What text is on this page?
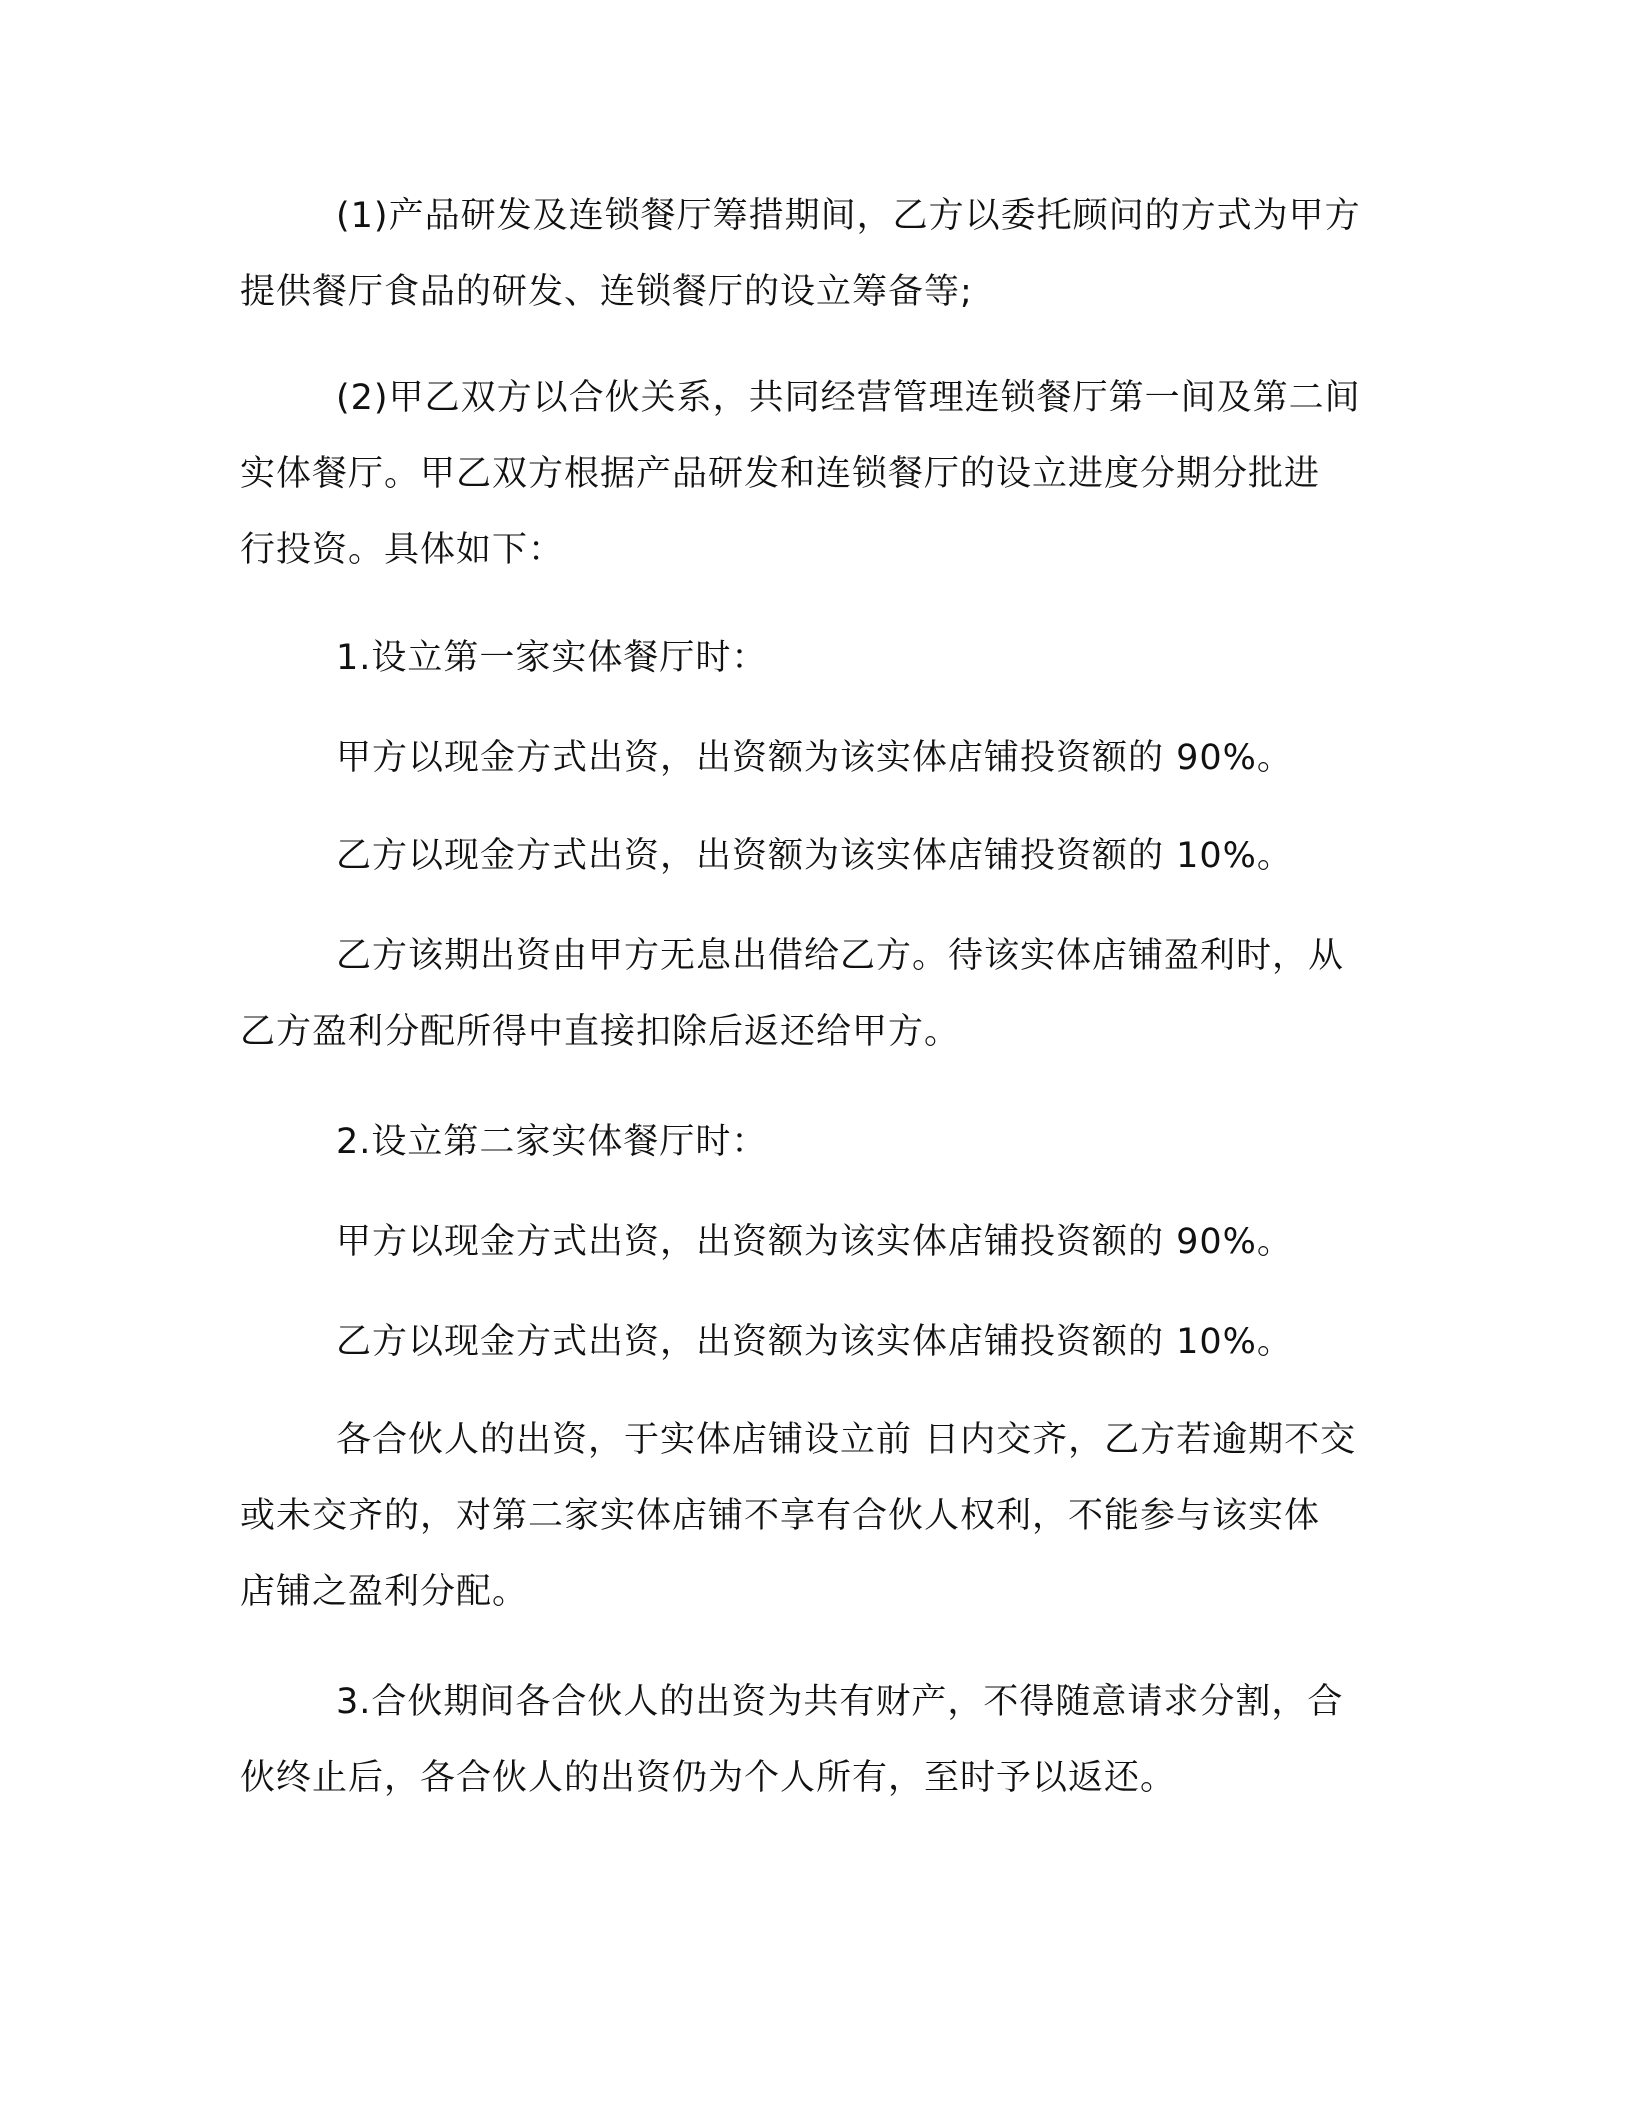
(1)产品研发及连锁餐厅筹措期间，乙方以委托顾问的方式为甲方
提供餐厅食品的研发、连锁餐厅的设立筹备等;

(2)甲乙双方以合伙关系，共同经营管理连锁餐厅第一间及第二间
实体餐厅。甲乙双方根据产品研发和连锁餐厅的设立进度分期分批进
行投资。具体如下：

1.设立第一家实体餐厅时：

甲方以现金方式出资，出资额为该实体店铺投资额的 90%。

乙方以现金方式出资，出资额为该实体店铺投资额的 10%。

乙方该期出资由甲方无息出借给乙方。待该实体店铺盈利时，从
乙方盈利分配所得中直接扣除后返还给甲方。

2.设立第二家实体餐厅时：

甲方以现金方式出资，出资额为该实体店铺投资额的 90%。

乙方以现金方式出资，出资额为该实体店铺投资额的 10%。

各合伙人的出资，于实体店铺设立前 日内交齐，乙方若逾期不交
或未交齐的，对第二家实体店铺不享有合伙人权利，不能参与该实体
店铺之盈利分配。

3.合伙期间各合伙人的出资为共有财产，不得随意请求分割，合
伙终止后，各合伙人的出资仍为个人所有，至时予以返还。
